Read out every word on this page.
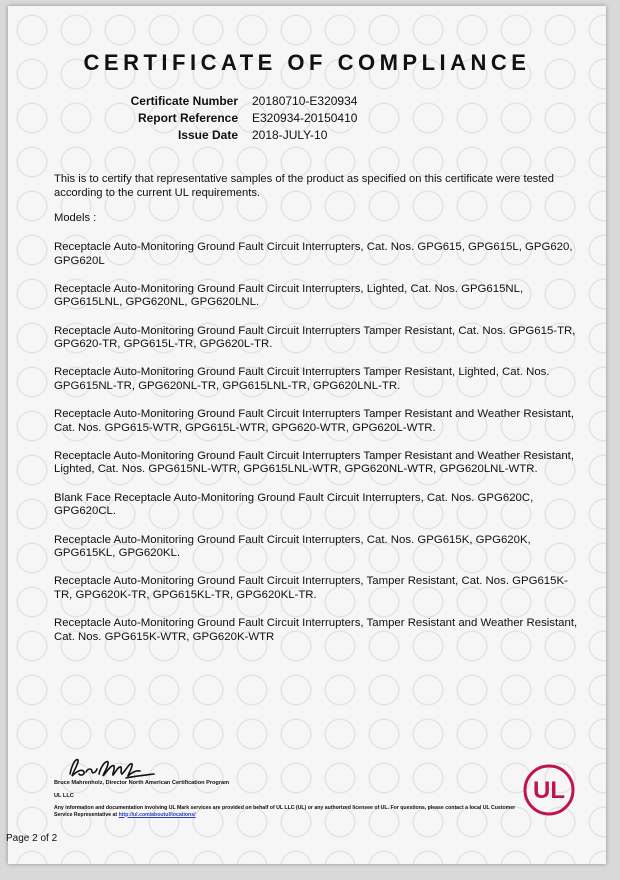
CERTIFICATE OF COMPLIANCE
Certificate Number	20180710-E320934
Report Reference	E320934-20150410
Issue Date	2018-JULY-10
This is to certify that representative samples of the product as specified on this certificate were tested according to the current UL requirements.
Models :
Receptacle Auto-Monitoring Ground Fault Circuit Interrupters, Cat. Nos. GPG615, GPG615L, GPG620, GPG620L
Receptacle Auto-Monitoring Ground Fault Circuit Interrupters, Lighted, Cat. Nos. GPG615NL, GPG615LNL, GPG620NL, GPG620LNL.
Receptacle Auto-Monitoring Ground Fault Circuit Interrupters Tamper Resistant, Cat. Nos. GPG615-TR, GPG620-TR, GPG615L-TR, GPG620L-TR.
Receptacle Auto-Monitoring Ground Fault Circuit Interrupters Tamper Resistant, Lighted, Cat. Nos. GPG615NL-TR, GPG620NL-TR, GPG615LNL-TR, GPG620LNL-TR.
Receptacle Auto-Monitoring Ground Fault Circuit Interrupters Tamper Resistant and Weather Resistant, Cat. Nos. GPG615-WTR, GPG615L-WTR, GPG620-WTR, GPG620L-WTR.
Receptacle Auto-Monitoring Ground Fault Circuit Interrupters Tamper Resistant and Weather Resistant, Lighted, Cat. Nos. GPG615NL-WTR, GPG615LNL-WTR, GPG620NL-WTR, GPG620LNL-WTR.
Blank Face Receptacle Auto-Monitoring Ground Fault Circuit Interrupters, Cat. Nos. GPG620C, GPG620CL.
Receptacle Auto-Monitoring Ground Fault Circuit Interrupters, Cat. Nos. GPG615K, GPG620K, GPG615KL, GPG620KL.
Receptacle Auto-Monitoring Ground Fault Circuit Interrupters, Tamper Resistant, Cat. Nos. GPG615K-TR, GPG620K-TR, GPG615KL-TR, GPG620KL-TR.
Receptacle Auto-Monitoring Ground Fault Circuit Interrupters, Tamper Resistant and Weather Resistant, Cat. Nos. GPG615K-WTR, GPG620K-WTR
Bruce Mahrenholz, Director North American Certification Program
UL LLC
Any information and documentation involving UL Mark services are provided on behalf of UL LLC (UL) or any authorized licensee of UL. For questions, please contact a local UL Customer Service Representative at http://ul.com/aboutul/locations/
UL
Page 2 of 2
